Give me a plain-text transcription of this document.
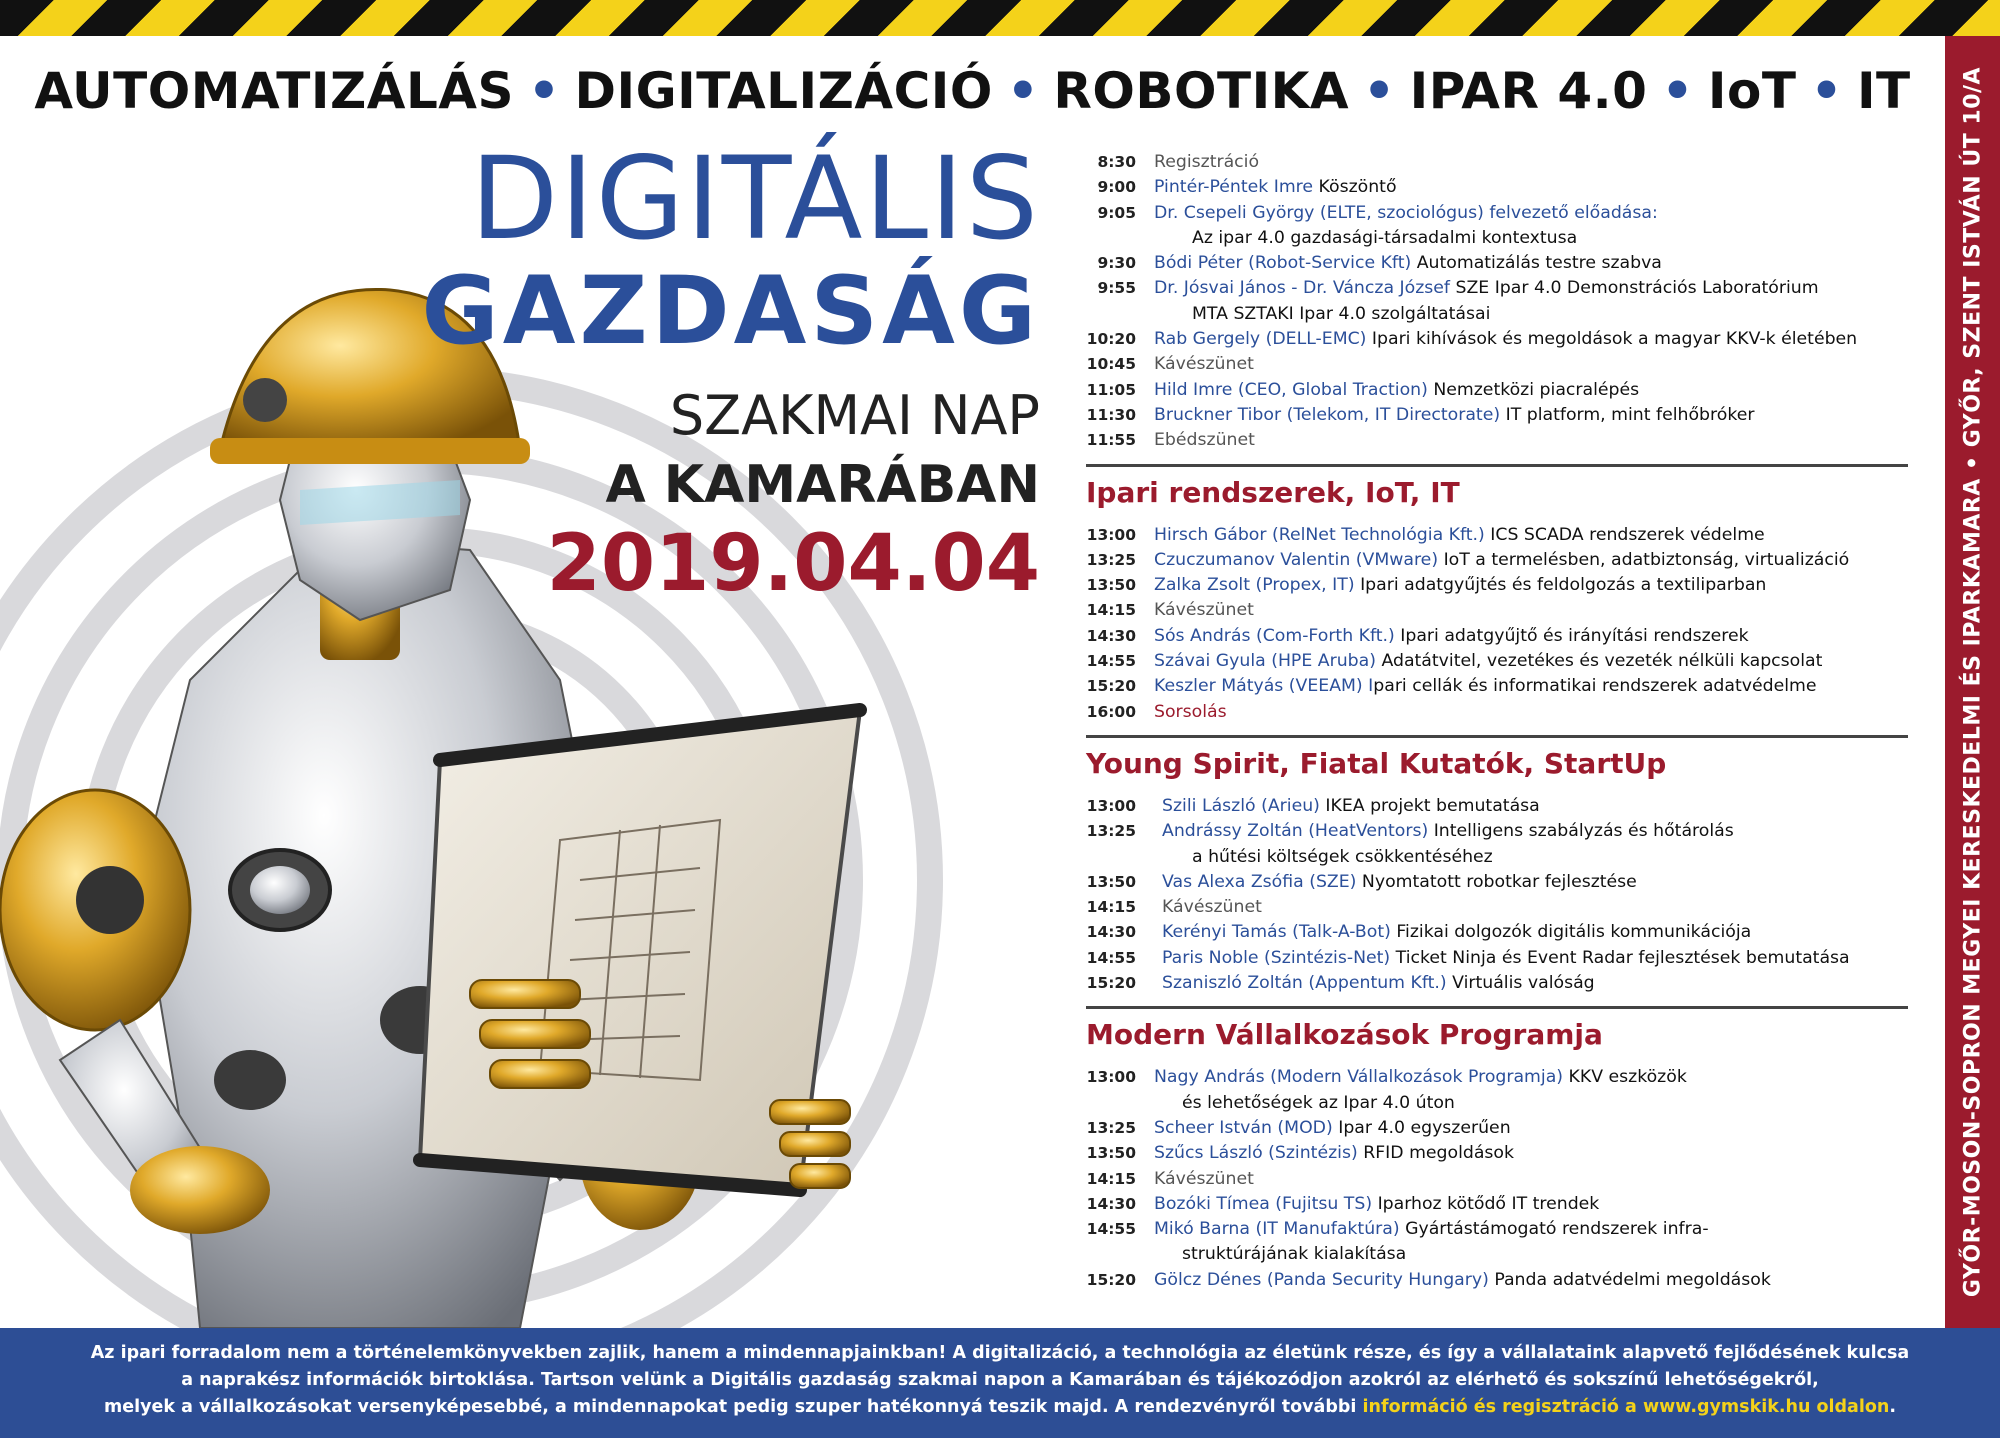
AUTOMATIZÁLÁS • DIGITALIZÁCIÓ • ROBOTIKA • IPAR 4.0 • IoT • IT
DIGITÁLIS
GAZDASÁG
SZAKMAI NAP
A KAMARÁBAN
2019.04.04
8:30	Regisztráció
9:00	Pintér-Péntek Imre Köszöntő
9:05	Dr. Csepeli György (ELTE, szociológus) felvezető előadása:
Az ipar 4.0 gazdasági-társadalmi kontextusa
9:30	Bódi Péter (Robot-Service Kft) Automatizálás testre szabva
9:55	Dr. Jósvai János - Dr. Váncza József SZE Ipar 4.0 Demonstrációs Laboratórium
MTA SZTAKI Ipar 4.0 szolgáltatásai
10:20	Rab Gergely (DELL-EMC) Ipari kihívások és megoldások a magyar KKV-k életében
10:45	Kávészünet
11:05	Hild Imre (CEO, Global Traction) Nemzetközi piacralépés
11:30	Bruckner Tibor (Telekom, IT Directorate) IT platform, mint felhőbróker
11:55	Ebédszünet
Ipari rendszerek, IoT, IT
13:00	Hirsch Gábor (RelNet Technológia Kft.) ICS SCADA rendszerek védelme
13:25	Czuczumanov Valentin (VMware) IoT a termelésben, adatbiztonság, virtualizáció
13:50	Zalka Zsolt (Propex, IT) Ipari adatgyűjtés és feldolgozás a textiliparban
14:15	Kávészünet
14:30	Sós András (Com-Forth Kft.) Ipari adatgyűjtő és irányítási rendszerek
14:55	Szávai Gyula (HPE Aruba) Adatátvitel, vezetékes és vezeték nélküli kapcsolat
15:20	Keszler Mátyás (VEEAM) Ipari cellák és informatikai rendszerek adatvédelme
16:00	Sorsolás
Young Spirit, Fiatal Kutatók, StartUp
13:00	Szili László (Arieu) IKEA projekt bemutatása
13:25	Andrássy Zoltán (HeatVentors) Intelligens szabályzás és hőtárolás
a hűtési költségek csökkentéséhez
13:50	Vas Alexa Zsófia (SZE) Nyomtatott robotkar fejlesztése
14:15	Kávészünet
14:30	Kerényi Tamás (Talk-A-Bot) Fizikai dolgozók digitális kommunikációja
14:55	Paris Noble (Szintézis-Net) Ticket Ninja és Event Radar fejlesztések bemutatása
15:20	Szaniszló Zoltán (Appentum Kft.) Virtuális valóság
Modern Vállalkozások Programja
13:00	Nagy András (Modern Vállalkozások Programja) KKV eszközök
és lehetőségek az Ipar 4.0 úton
13:25	Scheer István (MOD) Ipar 4.0 egyszerűen
13:50	Szűcs László (Szintézis) RFID megoldások
14:15	Kávészünet
14:30	Bozóki Tímea (Fujitsu TS) Iparhoz kötődő IT trendek
14:55	Mikó Barna (IT Manufaktúra) Gyártástámogató rendszerek infra-
struktúrájának kialakítása
15:20	Gölcz Dénes (Panda Security Hungary) Panda adatvédelmi megoldások	GYŐR-MOSON-SOPRON MEGYEI KERESKEDELMI ÉS IPARKAMARA • GYŐR, SZENT ISTVÁN ÚT 10/A
Az ipari forradalom nem a történelemkönyvekben zajlik, hanem a mindennapjainkban! A digitalizáció, a technológia az életünk része, és így a vállalataink alapvető fejlődésének kulcsa
a naprakész információk birtoklása. Tartson velünk a Digitális gazdaság szakmai napon a Kamarában és tájékozódjon azokról az elérhető és sokszínű lehetőségekről,
melyek a vállalkozásokat versenyképesebbé, a mindennapokat pedig szuper hatékonnyá teszik majd. A rendezvényről további információ és regisztráció a www.gymskik.hu oldalon.
